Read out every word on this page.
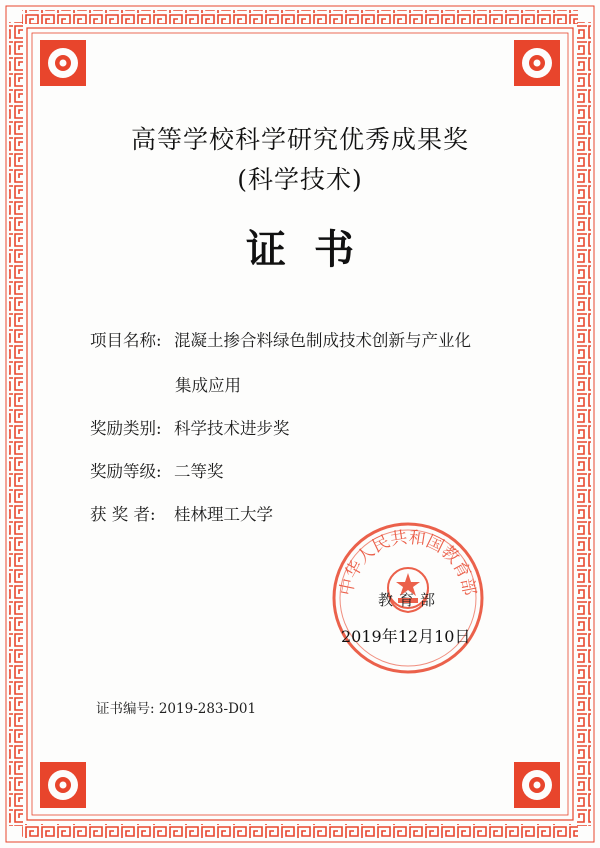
高等学校科学研究优秀成果奖
(科学技术)
证书
项目名称: 混凝土掺合料绿色制成技术创新与产业化
集成应用
奖励类别: 科学技术进步奖
奖励等级: 二等奖
获 奖 者: 桂林理工大学
中华人民共和国教育部
教育部
2019年12月10日
证书编号: 2019-283-D01
